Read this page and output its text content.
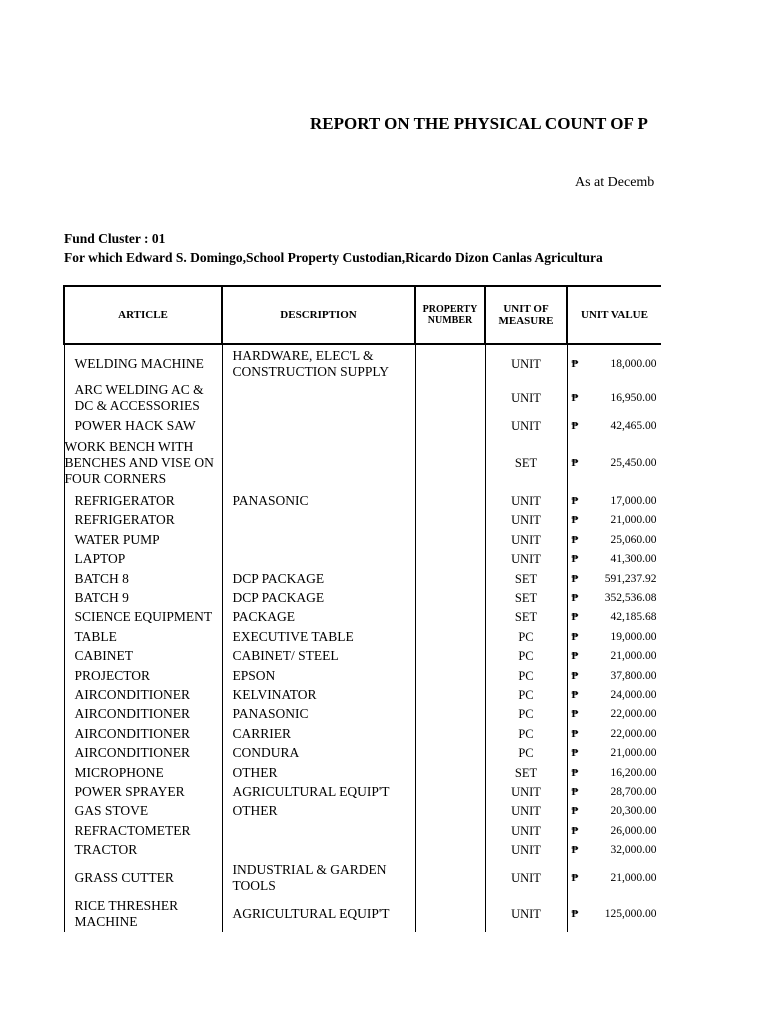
REPORT ON THE PHYSICAL COUNT OF P
As at Decemb
Fund Cluster : 01
For which Edward S. Domingo,School Property Custodian,Ricardo Dizon Canlas Agricultura
ARTICLE	DESCRIPTION	PROPERTY NUMBER	UNIT OF MEASURE	UNIT VALUE
WELDING MACHINE	HARDWARE, ELEC'L & CONSTRUCTION SUPPLY		UNIT	₱ 18,000.00

ARC WELDING AC & DC & ACCESSORIES			UNIT	₱ 16,950.00

POWER HACK SAW			UNIT	₱ 42,465.00

WORK BENCH WITH BENCHES AND VISE ON FOUR CORNERS			SET	₱ 25,450.00

REFRIGERATOR	PANASONIC		UNIT	₱ 17,000.00

REFRIGERATOR			UNIT	₱ 21,000.00

WATER PUMP			UNIT	₱ 25,060.00

LAPTOP			UNIT	₱ 41,300.00

BATCH 8	DCP PACKAGE		SET	₱ 591,237.92

BATCH 9	DCP PACKAGE		SET	₱ 352,536.08

SCIENCE EQUIPMENT	PACKAGE		SET	₱ 42,185.68

TABLE	EXECUTIVE TABLE		PC	₱ 19,000.00

CABINET	CABINET/ STEEL		PC	₱ 21,000.00

PROJECTOR	EPSON		PC	₱ 37,800.00

AIRCONDITIONER	KELVINATOR		PC	₱ 24,000.00

AIRCONDITIONER	PANASONIC		PC	₱ 22,000.00

AIRCONDITIONER	CARRIER		PC	₱ 22,000.00

AIRCONDITIONER	CONDURA		PC	₱ 21,000.00

MICROPHONE	OTHER		SET	₱ 16,200.00

POWER SPRAYER	AGRICULTURAL EQUIP'T		UNIT	₱ 28,700.00

GAS STOVE	OTHER		UNIT	₱ 20,300.00

REFRACTOMETER			UNIT	₱ 26,000.00

TRACTOR			UNIT	₱ 32,000.00

GRASS CUTTER	INDUSTRIAL & GARDEN TOOLS		UNIT	₱ 21,000.00

RICE THRESHER MACHINE	AGRICULTURAL EQUIP'T		UNIT	₱ 125,000.00
